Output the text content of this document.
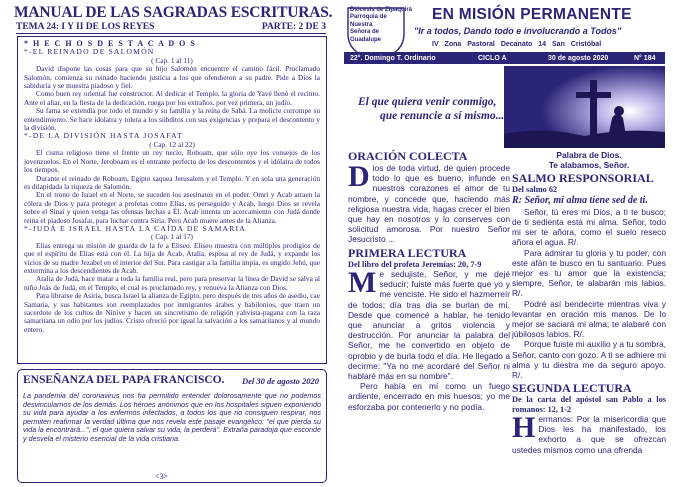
MANUAL DE LAS SAGRADAS ESCRITURAS.
TEMA 24: I Y II DE LOS REYES	PARTE: 2 DE 3
* H E C H O S D E S T A C A D O S
*-EL REINADO DE SALOMÓN
( Cap. 1 al 11)

David dispone las cosas para que su hijo Salomón encuentre el camino fácil. Proclamado Salomón, comienza su reinado haciendo justicia a los que ofendieron a su padre. Pide a Dios la sabiduría y se muestra piadoso y fiel.

Como buen rey oriental fue constructor. Al dedicar el Templo, la gloria de Yavé llenó el recinto. Ante el altar, en la fiesta de la dedicación, ruega por los extraños, por vez primera, un judío.

Su fama se extendía por todo el mundo y su familia y la reina de Sabá. La molicie corrompe su entendimiento. Se hace idolatra y tolera a los súbditos con sus exigencias y prepara el descontento y la división.

*-DE LA DIVISIÓN HASTA JOSAFAT
( Cap. 12 al 22)

El cisma religioso tiene el frente un rey necio, Roboam, que sólo oye los consejos de los jovenzuelos. En el Norte, Jeroboam es el entrante perfecto de los descontentos y el idólatra de todos los tiempos.

Durante el reinado de Roboam, Egipto saquea Jerusalem y el Templo. Y en sola una generación es dilapidada la riqueza de Salomón.

En el trono de Israel en el Norte, se suceden los asesinatos en el poder. Omri y Acab atraen la cólera de Dios y para proteger a profetas como Elías, es perseguido y Acab, luego Dios se revela sobre el Sinaí y quien venga las ofensas hechas a Él. Acab intenta un acercamiento con Judá donde reina el piadoso Josafat, para luchar contra Siria. Pero Acab muere antes de la Alianza.

*-JUDÁ E ISRAEL HASTA LA CAÍDA DE SAMARIA
( Cap. 1 al 17)

Elías entrega su misión de guarda de la fe a Eliseo. Eliseo muestra con múltiples prodigios de que el espíritu de Elías está con él. La hija de Acab, Atalía, esposa al rey de Judá, y expande los vicios de su madre Jezabel en el interior del Sur. Para castigar a la familia impía, es ungido Jehú, que extermina a los descendientes de Acab.

Atalía de Judá, hace matar a toda la familia real, pero para preservar la línea de David se salva al niño Joás de Judá, en el Templo, el cual es proclamado rey, y renueva la Alianza con Dios.

Para librarse de Asiria, busca Israel la alianza de Egipto, pero después de tres años de asedio, cae Samaria, y sus habitantes son reemplazados por inmigrantes árabes y babilonios, que traen un sacerdote de los cultos de Nínive y hacen un sincretismo de religión yahvista-pagana con la raza samaritana un odio por los judíos. Cristo ofreció por igual la salvación a los samaritanos y al mundo entero.

ENSEÑANZA DEL PAPA FRANCISCO. Del 30 de agosto 2020
La pandemia del coronavirus nos ha permitido entender dolorosamente que no podemos desvincularnos de los demás. Los héroes anónimos que en los hospitales siguen exponiendo su vida para ayudar a los enfermos infectados, a todos los que no consiguen respirar, nos permiten reafirmar la verdad última que nos revela este pasaje evangélico: "el que pierda su vida la encontrará...", el que quiera salvar su vida, la perderá". Extraña paradoja que esconde y desvela el misterio esencial de la vida cristiana.
<3>
Diócesis de Zipaquirá
Parroquia de
Nuestra
Señora de
Guadalupe
EN MISIÓN PERMANENTE
"Ir a todos, Dando todo e involucrando a Todos"
IV Zona Pastoral Decanato 14 San Cristóbal
22°. Domingo T. Ordinario	CICLO A	30 de agosto 2020	N° 184
El que quiera venir conmigo,
que renuncie a sí mismo...
ORACIÓN COLECTA
Dios de toda virtud, de quien procede todo lo que es bueno, infunde en nuestros corazones el amor de tu nombre, y concede que, haciendo más religiosa nuestra vida, hagas crecer el bien que hay en nosotros y lo conserves con solicitud amorosa. Por nuestro Señor Jesucristo ...
PRIMERA LECTURA
Del libro del profeta Jeremías: 20, 7-9
Me sedujiste, Señor, y me dejé seducir; fuiste más fuerte que yo y me venciste. He sido el hazmerreír de todos; día tras día se burlan de mí. Desde que comencé a hablar, he tenido que anunciar a gritos violencia y destrucción. Por anunciar la palabra del Señor, me he convertido en objeto de oprobio y de burla todo el día. He llegado a decirme: "Ya no me acordaré del Señor ni hablaré más en su nombre".
Pero había en mí como un fuego ardiente, encerrado en mis huesos; yo me esforzaba por contenerlo y no podía.
Palabra de Dios.
Te alabamos, Señor.
SALMO RESPONSORIAL
Del salmo 62
R: Señor, mi alma tiene sed de ti.

Señor, tú eres mi Dios, a ti te busco; de ti sedienta está mi alma. Señor, todo mi ser te añora, como el suelo reseco añora el agua. R/.

Para admirar tu gloria y tu poder, con este afán te busco en tu santuario. Pues mejor es tu amor que la existencia; siempre, Señor, te alabarán mis labios. R/.

Podré así bendecirte mientras viva y levantar en oración mis manos. De lo mejor se saciará mi alma; te alabaré con júbilosos labios. R/.

Porque fuiste mi auxilio y a tu sombra, Señor, canto con gozo. A ti se adhiere mi alma y tu diestra me da seguro apoyo. R/.

SEGUNDA LECTURA
De la carta del apóstol san Pablo a los romanos: 12, 1-2
Hermanos: Por la misericordia que Dios les ha manifestado, los exhorto a que se ofrezcan ustedes mismos como una ofrenda
